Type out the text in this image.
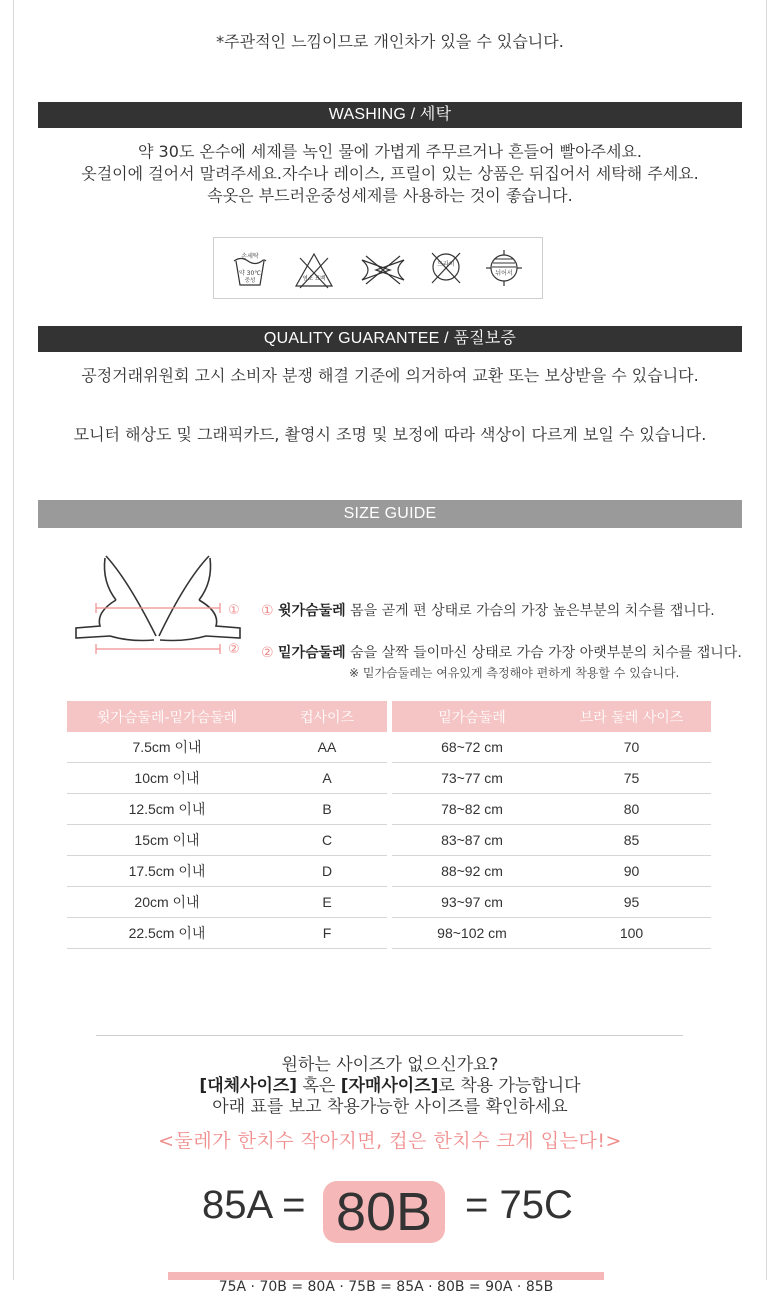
*주관적인 느낌이므로 개인차가 있을 수 있습니다.
WASHING / 세탁
약 30도 온수에 세제를 녹인 물에 가볍게 주무르거나 흔들어 빨아주세요.
옷걸이에 걸어서 말려주세요.자수나 레이스, 프릴이 있는 상품은 뒤집어서 세탁해 주세요.
속옷은 부드러운중성세제를 사용하는 것이 좋습니다.
손세탁
약 30℃
중성	염소 표백
드라이
뉘어서
QUALITY GUARANTEE / 품질보증
공정거래위원회 고시 소비자 분쟁 해결 기준에 의거하여 교환 또는 보상받을 수 있습니다.
모니터 해상도 및 그래픽카드, 촬영시 조명 및 보정에 따라 색상이 다르게 보일 수 있습니다.
SIZE GUIDE
①
②
① 윗가슴둘레 몸을 곧게 편 상태로 가슴의 가장 높은부분의 치수를 잽니다.
② 밑가슴둘레 숨을 살짝 들이마신 상태로 가슴 가장 아랫부분의 치수를 잽니다.
※ 밑가슴둘레는 여유있게 측정해야 편하게 착용할 수 있습니다.
윗가슴둘레-밑가슴둘레	컵사이즈
7.5cm 이내	AA
10cm 이내	A
12.5cm 이내	B
15cm 이내	C
17.5cm 이내	D
20cm 이내	E
22.5cm 이내	F
밑가슴둘레	브라 둘레 사이즈
68~72 cm	70
73~77 cm	75
78~82 cm	80
83~87 cm	85
88~92 cm	90
93~97 cm	95
98~102 cm	100
원하는 사이즈가 없으신가요?
[대체사이즈] 혹은 [자매사이즈]로 착용 가능합니다
아래 표를 보고 착용가능한 사이즈를 확인하세요
<둘레가 한치수 작아지면, 컵은 한치수 크게 입는다!>
85A = 80B = 75C
75A · 70B = 80A · 75B = 85A · 80B = 90A · 85B
